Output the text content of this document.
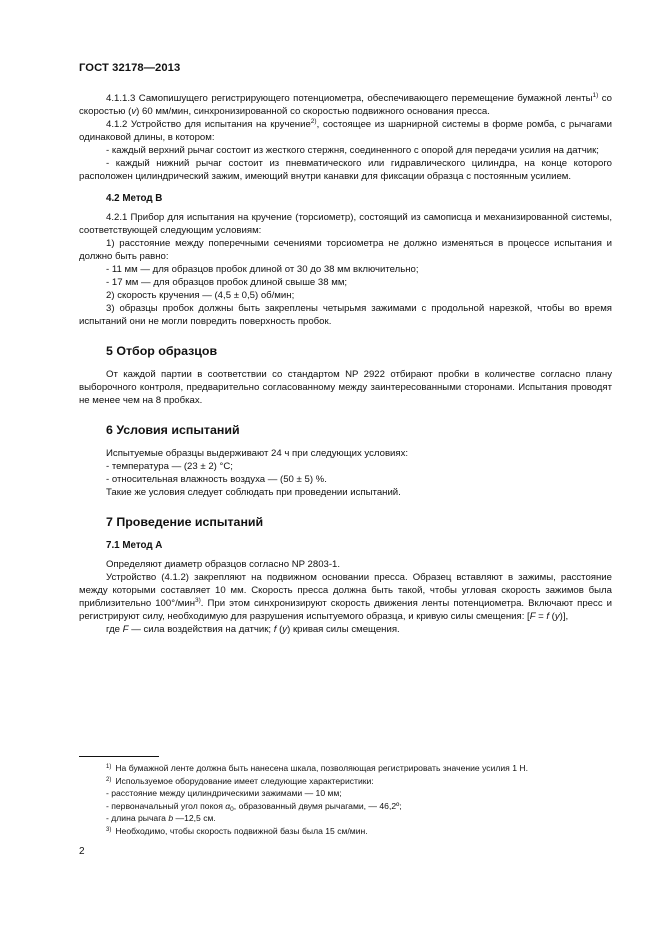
ГОСТ 32178—2013

4.1.1.3 Самопишущего регистрирующего потенциометра, обеспечивающего перемещение бумажной ленты$^{1)}$ со скоростью (v) 60 мм/мин, синхронизированной со скоростью подвижного основания пресса.

4.1.2 Устройство для испытания на кручение$^{2)}$, состоящее из шарнирной системы в форме ромба, с рычагами одинаковой длины, в котором:

- каждый верхний рычаг состоит из жесткого стержня, соединенного с опорой для передачи усилия на датчик;

- каждый нижний рычаг состоит из пневматического или гидравлического цилиндра, на конце которого расположен цилиндрический зажим, имеющий внутри канавки для фиксации образца с постоянным усилием.

4.2 Метод В

4.2.1 Прибор для испытания на кручение (торсиометр), состоящий из самописца и механизированной системы, соответствующей следующим условиям:

1) расстояние между поперечными сечениями торсиометра не должно изменяться в процессе испытания и должно быть равно:

- 11 мм — для образцов пробок длиной от 30 до 38 мм включительно;

- 17 мм — для образцов пробок длиной свыше 38 мм;

2) скорость кручения — (4,5 ± 0,5) об/мин;

3) образцы пробок должны быть закреплены четырьмя зажимами с продольной нарезкой, чтобы во время испытаний они не могли повредить поверхность пробок.

5 Отбор образцов

От каждой партии в соответствии со стандартом NP 2922 отбирают пробки в количестве согласно плану выборочного контроля, предварительно согласованному между заинтересованными сторонами. Испытания проводят не менее чем на 8 пробках.

6 Условия испытаний

Испытуемые образцы выдерживают 24 ч при следующих условиях:

- температура — (23 ± 2) °С;

- относительная влажность воздуха — (50 ± 5) %.

Такие же условия следует соблюдать при проведении испытаний.

7 Проведение испытаний
7.1 Метод А

Определяют диаметр образцов согласно NP 2803-1.

Устройство (4.1.2) закрепляют на подвижном основании пресса. Образец вставляют в зажимы, расстояние между которыми составляет 10 мм. Скорость пресса должна быть такой, чтобы угловая скорость зажимов была приблизительно 100°/мин$^{3)}$. При этом синхронизируют скорость движения ленты потенциометра. Включают пресс и регистрируют силу, необходимую для разрушения испытуемого образца, и кривую силы смещения: [F = f (y)],

где F — сила воздействия на датчик; f (y) кривая силы смещения.

$^{1)}$ На бумажной ленте должна быть нанесена шкала, позволяющая регистрировать значение усилия 1 Н.

$^{2)}$ Используемое оборудование имеет следующие характеристики:

- расстояние между цилиндрическими зажимами — 10 мм;

- первоначальный угол покоя $\alpha_0$, образованный двумя рычагами, — 46,2º;

- длина рычага b —12,5 см.

$^{3)}$ Необходимо, чтобы скорость подвижной базы была 15 см/мин.

2
